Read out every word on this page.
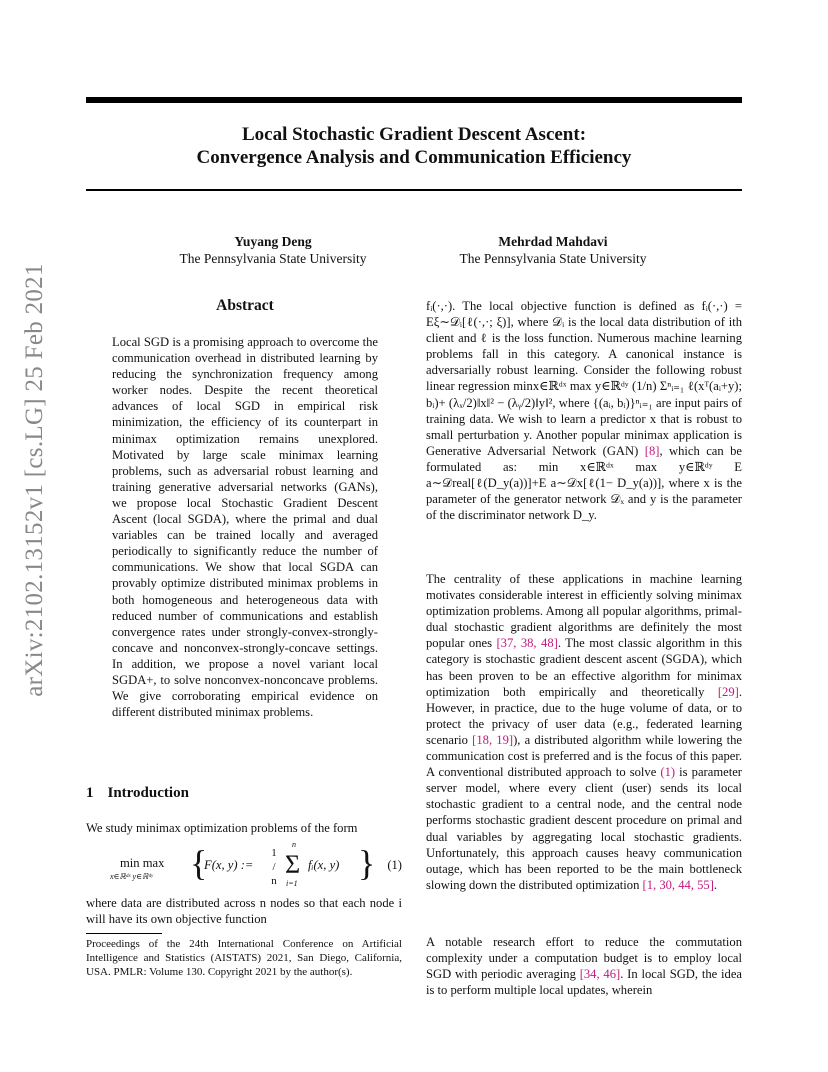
Local Stochastic Gradient Descent Ascent:
Convergence Analysis and Communication Efficiency
Yuyang Deng
The Pennsylvania State University
Mehrdad Mahdavi
The Pennsylvania State University
arXiv:2102.13152v1 [cs.LG] 25 Feb 2021	Abstract
Local SGD is a promising approach to overcome the communication overhead in distributed learning by reducing the synchronization frequency among worker nodes. Despite the recent theoretical advances of local SGD in empirical risk minimization, the efficiency of its counterpart in minimax optimization remains unexplored. Motivated by large scale minimax learning problems, such as adversarial robust learning and training generative adversarial networks (GANs), we propose local Stochastic Gradient Descent Ascent (local SGDA), where the primal and dual variables can be trained locally and averaged periodically to significantly reduce the number of communications. We show that local SGDA can provably optimize distributed minimax problems in both homogeneous and heterogeneous data with reduced number of communications and establish convergence rates under strongly-convex-strongly-concave and nonconvex-strongly-concave settings. In addition, we propose a novel variant local SGDA+, to solve nonconvex-nonconcave problems. We give corroborating empirical evidence on different distributed minimax problems.
1 Introduction
We study minimax optimization problems of the form
min max
x∈ℝᵈˣ y∈ℝᵈʸ {
F(x, y) :=
1 / n
Σ
n
i=1
fᵢ(x, y) } (1)
where data are distributed across n nodes so that each node i will have its own objective function
Proceedings of the 24th International Conference on Artificial Intelligence and Statistics (AISTATS) 2021, San Diego, California, USA. PMLR: Volume 130. Copyright 2021 by the author(s).
fᵢ(·,·). The local objective function is defined as fᵢ(·,·) = Eξ∼𝒟ᵢ[ℓ(·,·; ξ)], where 𝒟ᵢ is the local data distribution of ith client and ℓ is the loss function. Numerous machine learning problems fall in this category. A canonical instance is adversarially robust learning. Consider the following robust linear regression minx∈ℝᵈˣ max y∈ℝᵈʸ (1/n) Σⁿᵢ₌₁ ℓ(xᵀ(aᵢ+y); bᵢ)+ (λₓ/2)‖x‖² − (λᵧ/2)‖y‖², where {(aᵢ, bᵢ)}ⁿᵢ₌₁ are input pairs of training data. We wish to learn a predictor x that is robust to small perturbation y. Another popular minimax application is Generative Adversarial Network (GAN) [8], which can be formulated as: min x∈ℝᵈˣ max y∈ℝᵈʸ E a∼𝒟real[ℓ(D_y(a))]+E a∼𝒟x[ℓ(1− D_y(a))], where x is the parameter of the generator network 𝒟ₓ and y is the parameter of the discriminator network D_y.
The centrality of these applications in machine learning motivates considerable interest in efficiently solving minimax optimization problems. Among all popular algorithms, primal-dual stochastic gradient algorithms are definitely the most popular ones [37, 38, 48]. The most classic algorithm in this category is stochastic gradient descent ascent (SGDA), which has been proven to be an effective algorithm for minimax optimization both empirically and theoretically [29]. However, in practice, due to the huge volume of data, or to protect the privacy of user data (e.g., federated learning scenario [18, 19]), a distributed algorithm while lowering the communication cost is preferred and is the focus of this paper. A conventional distributed approach to solve (1) is parameter server model, where every client (user) sends its local stochastic gradient to a central node, and the central node performs stochastic gradient descent procedure on primal and dual variables by aggregating local stochastic gradients. Unfortunately, this approach causes heavy communication outage, which has been reported to be the main bottleneck slowing down the distributed optimization [1, 30, 44, 55].
A notable research effort to reduce the commutation complexity under a computation budget is to employ local SGD with periodic averaging [34, 46]. In local SGD, the idea is to perform multiple local updates, wherein
